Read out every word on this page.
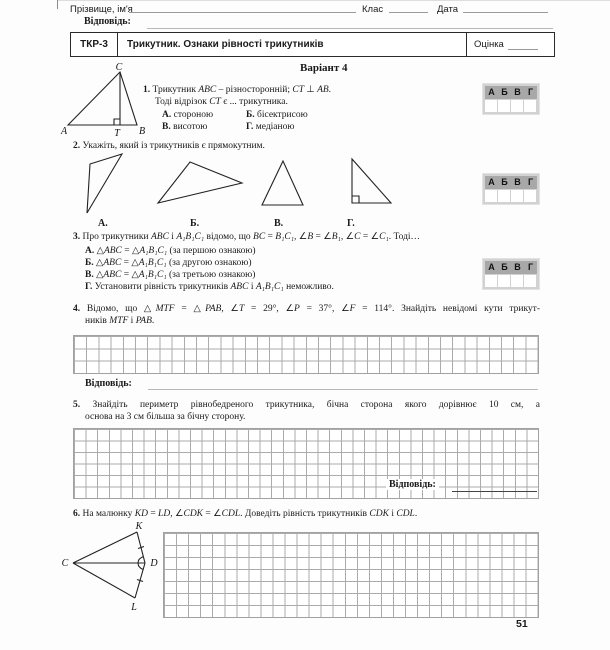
Прізвище, ім'я	Клас	Дата
Відповідь:
ТКР-3	Трикутник. Ознаки рівності трикутників	Оцінка
Варіант 4
C
A	T B
1. Трикутник ABC – різносторонній; CT ⊥ AB.
Тоді відрізок CT є ... трикутника.
А. стороною	Б. бісектрисою
В. висотою	Г. медіаною
А Б В Г
2. Укажіть, який із трикутників є прямокутним.
А.	Б.	В.	Г.
А Б В Г
3. Про трикутники ABC і A₁B₁C₁ відомо, що BC = B₁C₁, ∠B = ∠B₁, ∠C = ∠C₁. Тоді…
А. △ABC = △A₁B₁C₁ (за першою ознакою)
Б. △ABC = △A₁B₁C₁ (за другою ознакою)
В. △ABC = △A₁B₁C₁ (за третьою ознакою)
Г. Установити рівність трикутників ABC і A₁B₁C₁ неможливо.
А Б В Г
4. Відомо, що △MTF = △PAB, ∠T = 29°, ∠P = 37°, ∠F = 114°. Знайдіть невідомі кути трикут-
ників MTF і PAB.
Відповідь:
5. Знайдіть периметр рівнобедреного трикутника, бічна сторона якого дорівнює 10 см, а
основа на 3 см більша за бічну сторону.
Відповідь:
6. На малюнку KD = LD, ∠CDK = ∠CDL. Доведіть рівність трикутників CDK і CDL.
C
K
D
L
51
